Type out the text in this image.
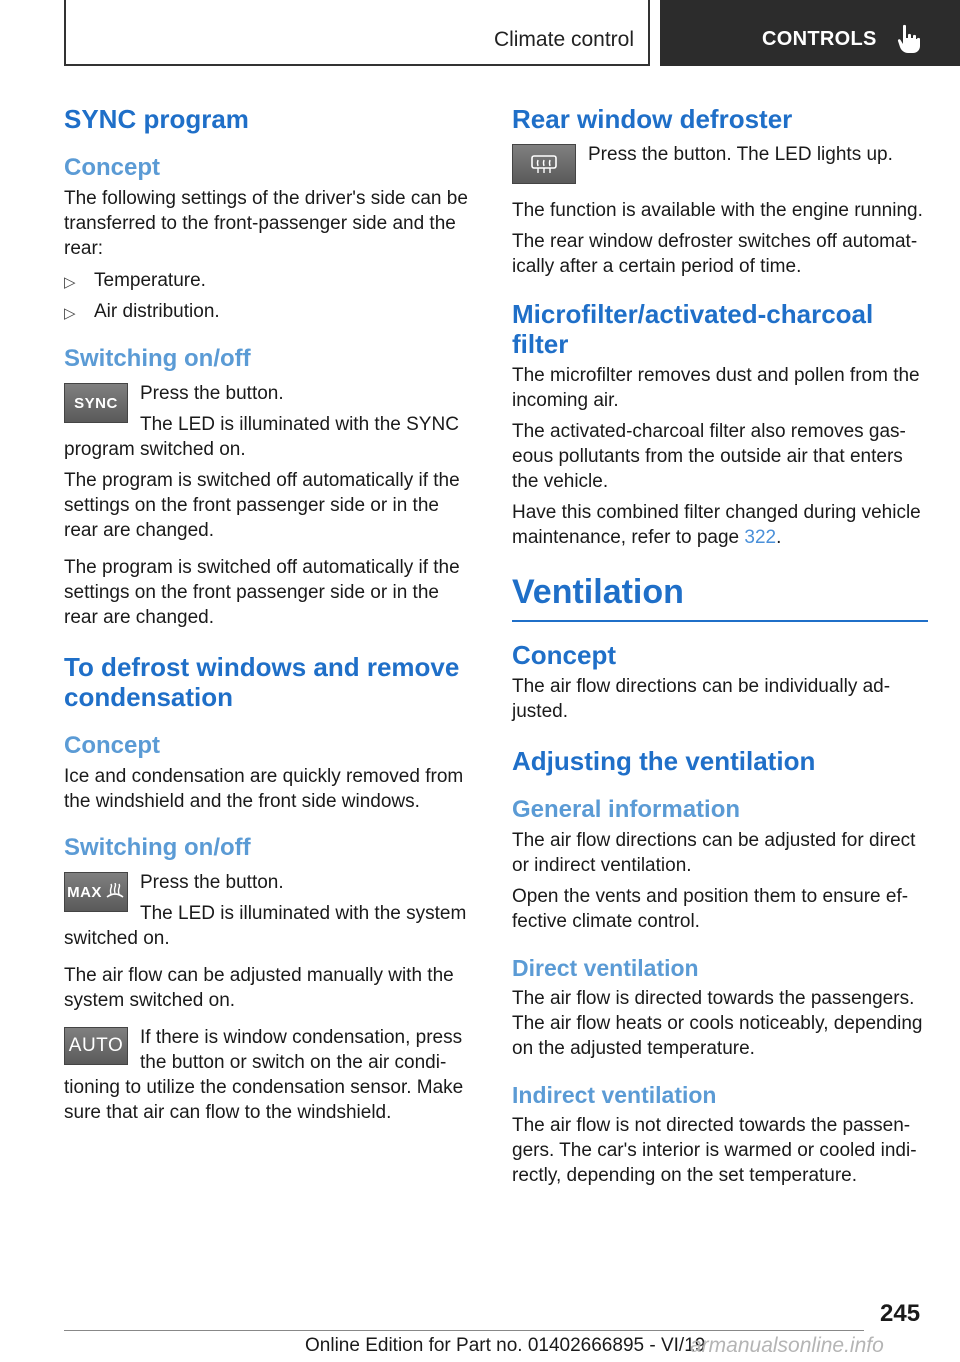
Climate control	CONTROLS
SYNC program
Concept

The following settings of the driver's side can be transferred to the front-passenger side and the rear:

▷ Temperature.
▷ Air distribution.
Switching on/off
SYNC	Press the button.

The LED is illuminated with the SYNC program switched on.

The program is switched off automatically if the settings on the front passenger side or in the rear are changed.

The program is switched off automatically if the settings on the front passenger side or in the rear are changed.

To defrost windows and remove condensation
Concept

Ice and condensation are quickly removed from the windshield and the front side windows.

Switching on/off
MAX	Press the button.

The LED is illuminated with the system switched on.

The air flow can be adjusted manually with the system switched on.

AUTO If there is window condensation, press the button or switch on the air condi-tioning to utilize the condensation sensor. Make sure that air can flow to the windshield.

Rear window defroster

Press the button. The LED lights up.

The function is available with the engine running.

The rear window defroster switches off automat-ically after a certain period of time.

Microfilter/activated-charcoal filter

The microfilter removes dust and pollen from the incoming air.

The activated-charcoal filter also removes gas-eous pollutants from the outside air that enters the vehicle.

Have this combined filter changed during vehicle maintenance, refer to page 322.

Ventilation
Concept

The air flow directions can be individually ad-justed.

Adjusting the ventilation
General information

The air flow directions can be adjusted for direct or indirect ventilation.

Open the vents and position them to ensure ef-fective climate control.

Direct ventilation

The air flow is directed towards the passengers. The air flow heats or cools noticeably, depending on the adjusted temperature.

Indirect ventilation

The air flow is not directed towards the passen-gers. The car's interior is warmed or cooled indi-rectly, depending on the set temperature.

245
Online Edition for Part no. 01402666895 - VI/19
armanualsonline.info
